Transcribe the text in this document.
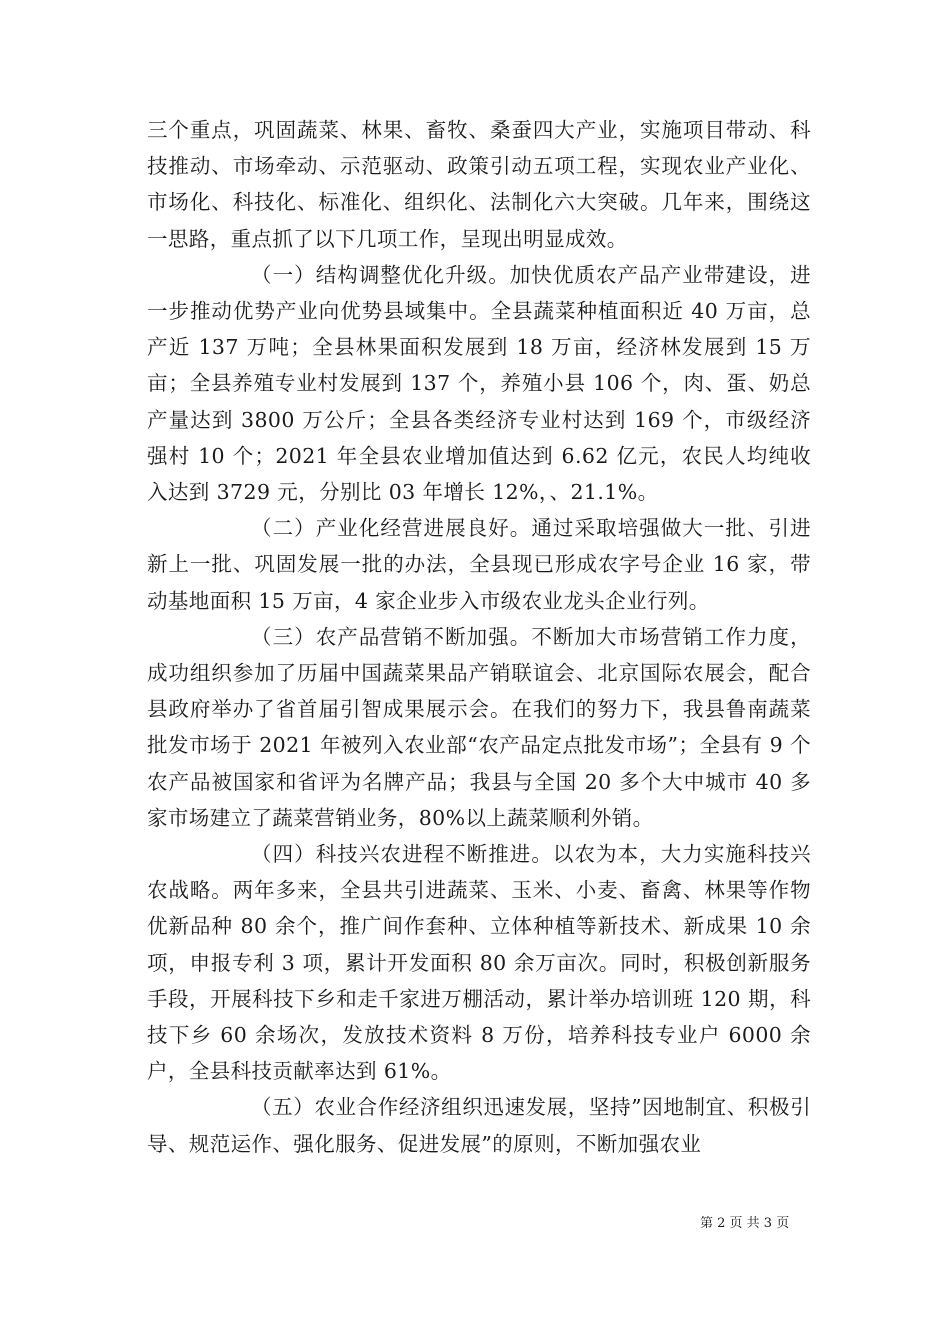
三个重点，巩固蔬菜、林果、畜牧、桑蚕四大产业，实施项目带动、科技推动、市场牵动、示范驱动、政策引动五项工程，实现农业产业化、市场化、科技化、标准化、组织化、法制化六大突破。几年来，围绕这一思路，重点抓了以下几项工作，呈现出明显成效。

（一）结构调整优化升级。加快优质农产品产业带建设，进一步推动优势产业向优势县域集中。全县蔬菜种植面积近 40 万亩，总产近 137 万吨；全县林果面积发展到 18 万亩，经济林发展到 15 万亩；全县养殖专业村发展到 137 个，养殖小县 106 个，肉、蛋、奶总产量达到 3800 万公斤；全县各类经济专业村达到 169 个，市级经济强村 10 个；2021 年全县农业增加值达到 6.62 亿元，农民人均纯收入达到 3729 元，分别比 03 年增长 12%，、21.1%。

（二）产业化经营进展良好。通过采取培强做大一批、引进新上一批、巩固发展一批的办法，全县现已形成农字号企业 16 家，带动基地面积 15 万亩，4 家企业步入市级农业龙头企业行列。

（三）农产品营销不断加强。不断加大市场营销工作力度，成功组织参加了历届中国蔬菜果品产销联谊会、北京国际农展会，配合县政府举办了省首届引智成果展示会。在我们的努力下，我县鲁南蔬菜批发市场于 2021 年被列入农业部“农产品定点批发市场”；全县有 9 个农产品被国家和省评为名牌产品；我县与全国 20 多个大中城市 40 多家市场建立了蔬菜营销业务，80%以上蔬菜顺利外销。

（四）科技兴农进程不断推进。以农为本，大力实施科技兴农战略。两年多来，全县共引进蔬菜、玉米、小麦、畜禽、林果等作物优新品种 80 余个，推广间作套种、立体种植等新技术、新成果 10 余项，申报专利 3 项，累计开发面积 80 余万亩次。同时，积极创新服务手段，开展科技下乡和走千家进万棚活动，累计举办培训班 120 期，科技下乡 60 余场次，发放技术资料 8 万份，培养科技专业户 6000 余户，全县科技贡献率达到 61%。

（五）农业合作经济组织迅速发展，坚持”因地制宜、积极引导、规范运作、强化服务、促进发展”的原则，不断加强农业

第 2 页 共 3 页
